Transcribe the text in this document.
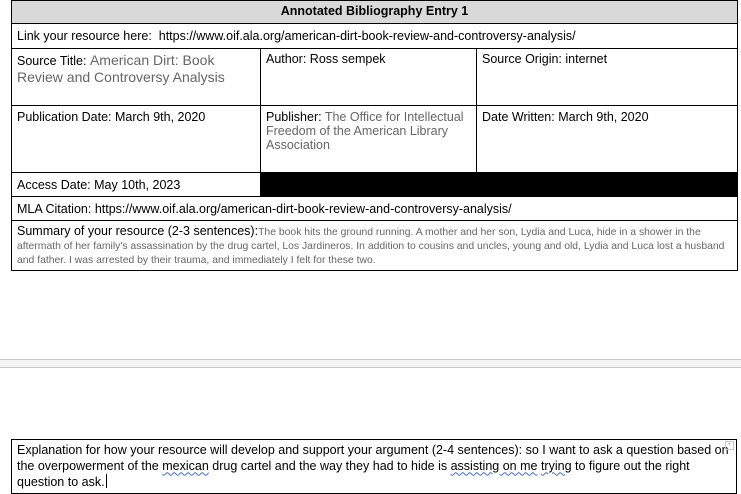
Annotated Bibliography Entry 1		
Link your resource here: https://www.oif.ala.org/american-dirt-book-review-and-controversy-analysis/		
Source Title: American Dirt: Book Review and Controversy Analysis	Author: Ross sempek	Source Origin: internet
Publication Date: March 9th, 2020	Publisher: The Office for Intellectual Freedom of the American Library Association	Date Written: March 9th, 2020
Access Date: May 10th, 2023		
MLA Citation: https://www.oif.ala.org/american-dirt-book-review-and-controversy-analysis/		
Summary of your resource (2-3 sentences):The book hits the ground running. A mother and her son, Lydia and Luca, hide in a shower in the aftermath of her family's assassination by the drug cartel, Los Jardineros. In addition to cousins and uncles, young and old, Lydia and Luca lost a husband and father. I was arrested by their trauma, and immediately I felt for these two.		
Explanation for how your resource will develop and support your argument (2-4 sentences): so I want to ask a question based on the overpowerment of the mexican drug cartel and the way they had to hide is assisting on me trying to figure out the right question to ask.
+
